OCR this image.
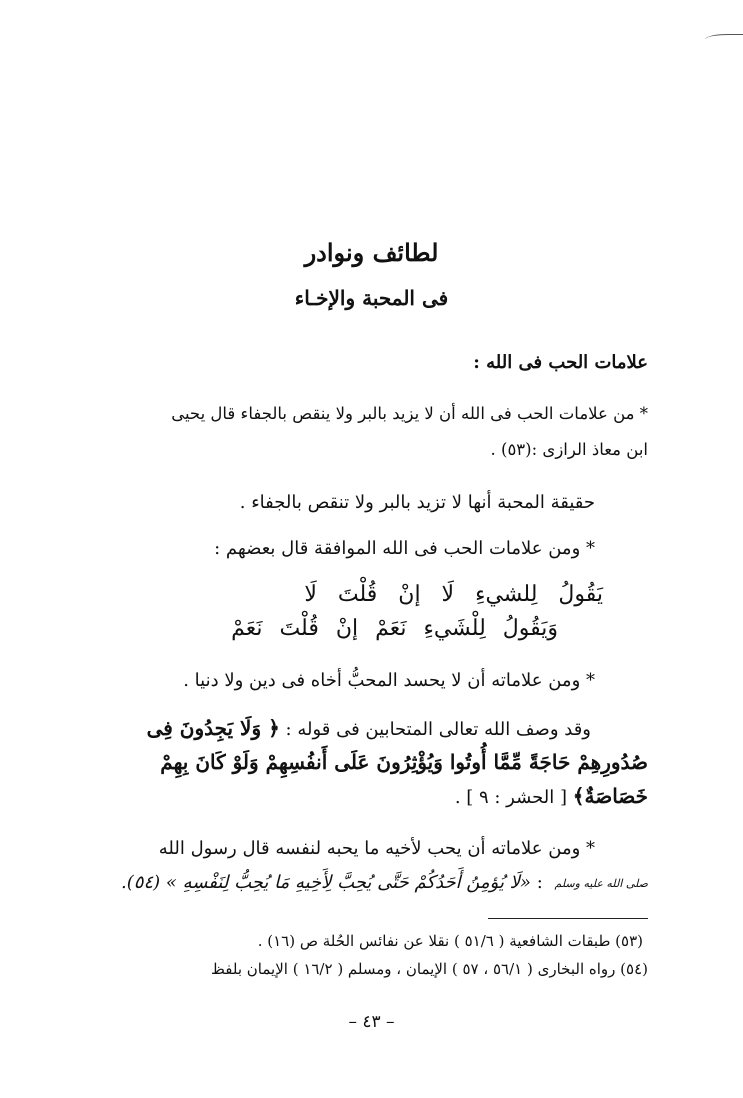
لطائف ونوادر
فى المحبة والإخـاء
علامات الحب فى الله :
* من علامات الحب فى الله أن لا يزيد بالبر ولا ينقص بالجفاء قال يحيى
ابن معاذ الرازى :(٥٣) .
حقيقة المحبة أنها لا تزيد بالبر ولا تنقص بالجفاء .
* ومن علامات الحب فى الله الموافقة قال بعضهم :
يَقُولُ لِلشيءِ لَا إنْ قُلْتَ لَا
وَيَقُولُ لِلْشَيءِ نَعَمْ إنْ قُلْتَ نَعَمْ
* ومن علاماته أن لا يحسد المحبُّ أخاه فى دين ولا دنيا .
وقد وصف الله تعالى المتحابين فى قوله : ﴿ وَلَا يَجِدُونَ فِى
صُدُورِهِمْ حَاجَةً مِّمَّا أُوتُوا وَيُؤْثِرُونَ عَلَى أَنفُسِهِمْ وَلَوْ كَانَ بِهِمْ
خَصَاصَةٌ﴾ [ الحشر : ٩ ] .
* ومن علاماته أن يحب لأخيه ما يحبه لنفسه قال رسول الله
صلى الله عليه وسلم : «لَا يُؤمِنُ أَحَدُكُمْ حَتَّى يُحِبَّ لِأَخِيهِ مَا يُحِبُّ لِنَفْسِهِ » (٥٤).
(٥٣) طبقات الشافعية ( ٥١/٦ ) نقلا عن نفائس الحُلة ص (١٦) .
(٥٤) رواه البخارى ( ٥٦/١ ، ٥٧ ) الإيمان ، ومسلم ( ١٦/٢ ) الإيمان بلفظ
– ٤٣ –
